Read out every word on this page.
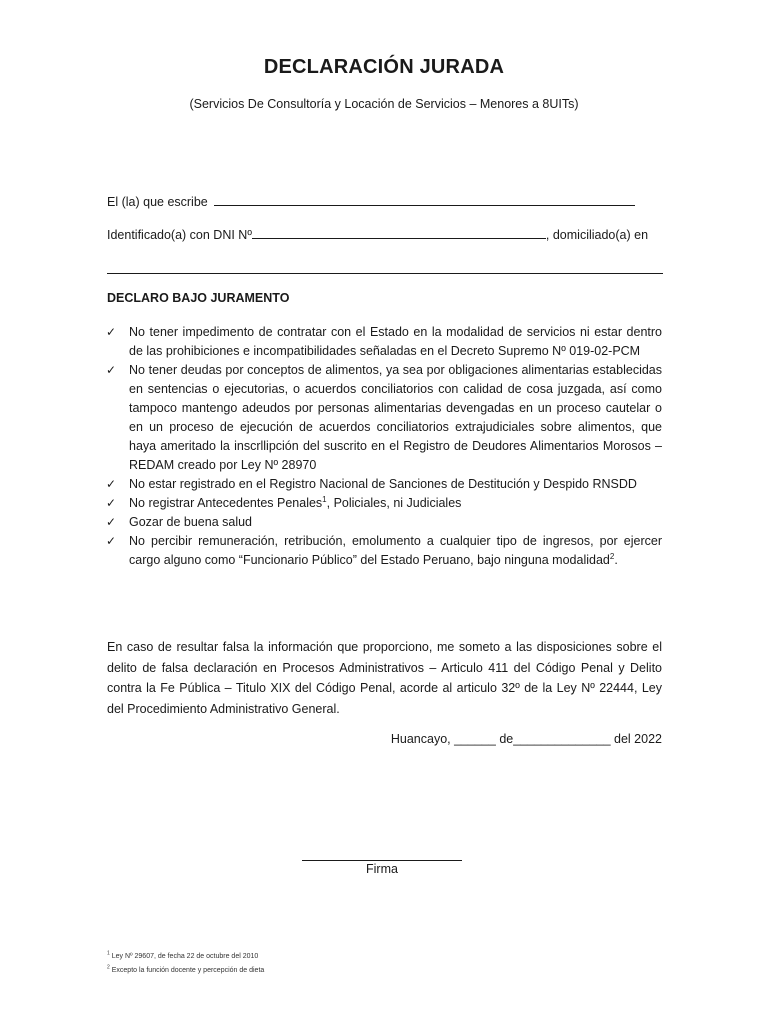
DECLARACIÓN JURADA
(Servicios De Consultoría y Locación de Servicios – Menores a 8UITs)
El (la) que escribe
Identificado(a) con DNI Nº	, domiciliado(a) en
DECLARO BAJO JURAMENTO
✓ No tener impedimento de contratar con el Estado en la modalidad de servicios ni estar dentro de las prohibiciones e incompatibilidades señaladas en el Decreto Supremo Nº 019-02-PCM
✓ No tener deudas por conceptos de alimentos, ya sea por obligaciones alimentarias establecidas en sentencias o ejecutorias, o acuerdos conciliatorios con calidad de cosa juzgada, así como tampoco mantengo adeudos por personas alimentarias devengadas en un proceso cautelar o en un proceso de ejecución de acuerdos conciliatorios extrajudiciales sobre alimentos, que haya ameritado la inscrllipción del suscrito en el Registro de Deudores Alimentarios Morosos – REDAM creado por Ley Nº 28970
✓ No estar registrado en el Registro Nacional de Sanciones de Destitución y Despido RNSDD
✓ No registrar Antecedentes Penales$^1$, Policiales, ni Judiciales
✓ Gozar de buena salud
✓ No percibir remuneración, retribución, emolumento a cualquier tipo de ingresos, por ejercer cargo alguno como “Funcionario Público” del Estado Peruano, bajo ninguna modalidad$^2$.
En caso de resultar falsa la información que proporciono, me someto a las disposiciones sobre el delito de falsa declaración en Procesos Administrativos – Articulo 411 del Código Penal y Delito contra la Fe Pública – Titulo XIX del Código Penal, acorde al articulo 32º de la Ley Nº 22444, Ley del Procedimiento Administrativo General.
Huancayo, ______ de______________ del 2022
Firma
$^1$ Ley Nº 29607, de fecha 22 de octubre del 2010
$^2$ Excepto la función docente y percepción de dieta
